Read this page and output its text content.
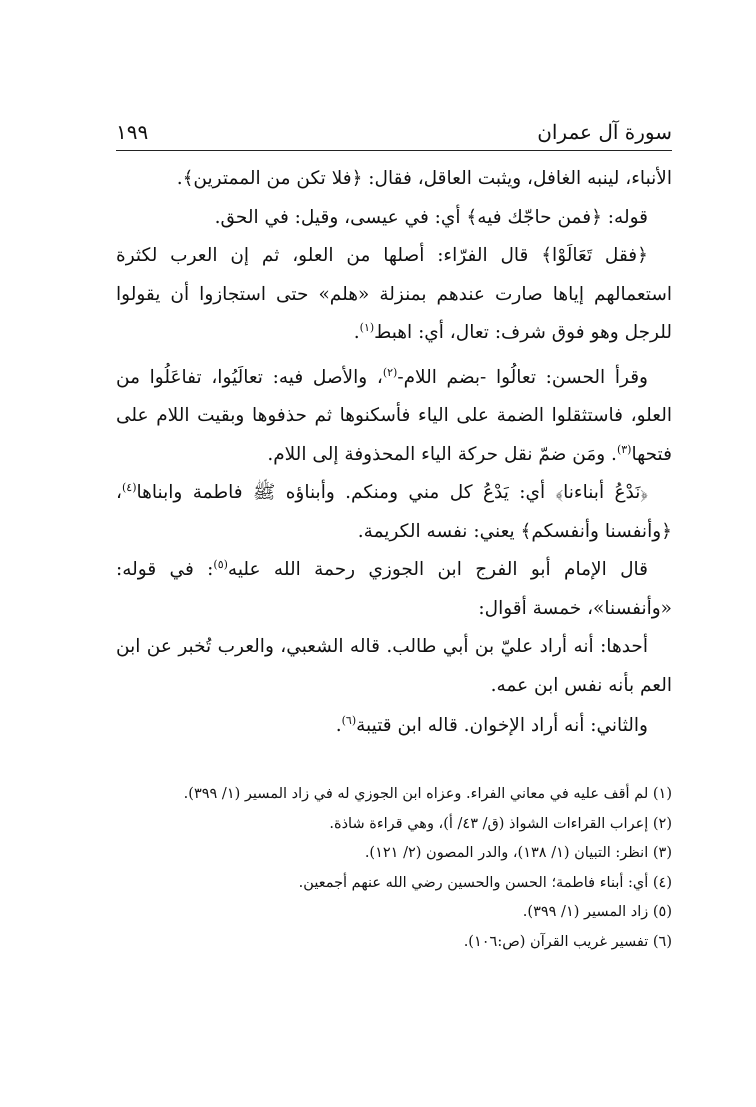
سورة آل عمران
١٩٩

الأنباء، لينبه الغافل، ويثبت العاقل، فقال: ﴿فلا تكن من الممترين﴾.

قوله: ﴿فمن حاجّك فيه﴾ أي: في عيسى، وقيل: في الحق.

﴿فقل تَعَالَوْا﴾ قال الفرّاء: أصلها من العلو، ثم إن العرب لكثرة استعمالهم إياها صارت عندهم بمنزلة «هلم» حتى استجازوا أن يقولوا للرجل وهو فوق شرف: تعال، أي: اهبط$^{(١)}$.

وقرأ الحسن: تعالُوا -بضم اللام-$^{(٢)}$، والأصل فيه: تعالَيُوا، تفاعَلُوا من العلو، فاستثقلوا الضمة على الياء فأسكنوها ثم حذفوها وبقيت اللام على فتحها$^{(٣)}$. ومَن ضمّ نقل حركة الياء المحذوفة إلى اللام.

﴿نَدْعُ أبناءنا﴾ أي: يَدْعُ كل مني ومنكم. وأبناؤه ﷺ فاطمة وابناها$^{(٤)}$، ﴿وأنفسنا وأنفسكم﴾ يعني: نفسه الكريمة.

قال الإمام أبو الفرج ابن الجوزي رحمة الله عليه$^{(٥)}$: في قوله: «وأنفسنا»، خمسة أقوال:

أحدها: أنه أراد عليّ بن أبي طالب. قاله الشعبي، والعرب تُخبر عن ابن العم بأنه نفس ابن عمه.

والثاني: أنه أراد الإخوان. قاله ابن قتيبة$^{(٦)}$.

(١) لم أقف عليه في معاني الفراء. وعزاه ابن الجوزي له في زاد المسير (١/ ٣٩٩).
(٢) إعراب القراءات الشواذ (ق/ ٤٣/ أ)، وهي قراءة شاذة.
(٣) انظر: التبيان (١/ ١٣٨)، والدر المصون (٢/ ١٢١).
(٤) أي: أبناء فاطمة؛ الحسن والحسين رضي الله عنهم أجمعين.
(٥) زاد المسير (١/ ٣٩٩).
(٦) تفسير غريب القرآن (ص:١٠٦).
